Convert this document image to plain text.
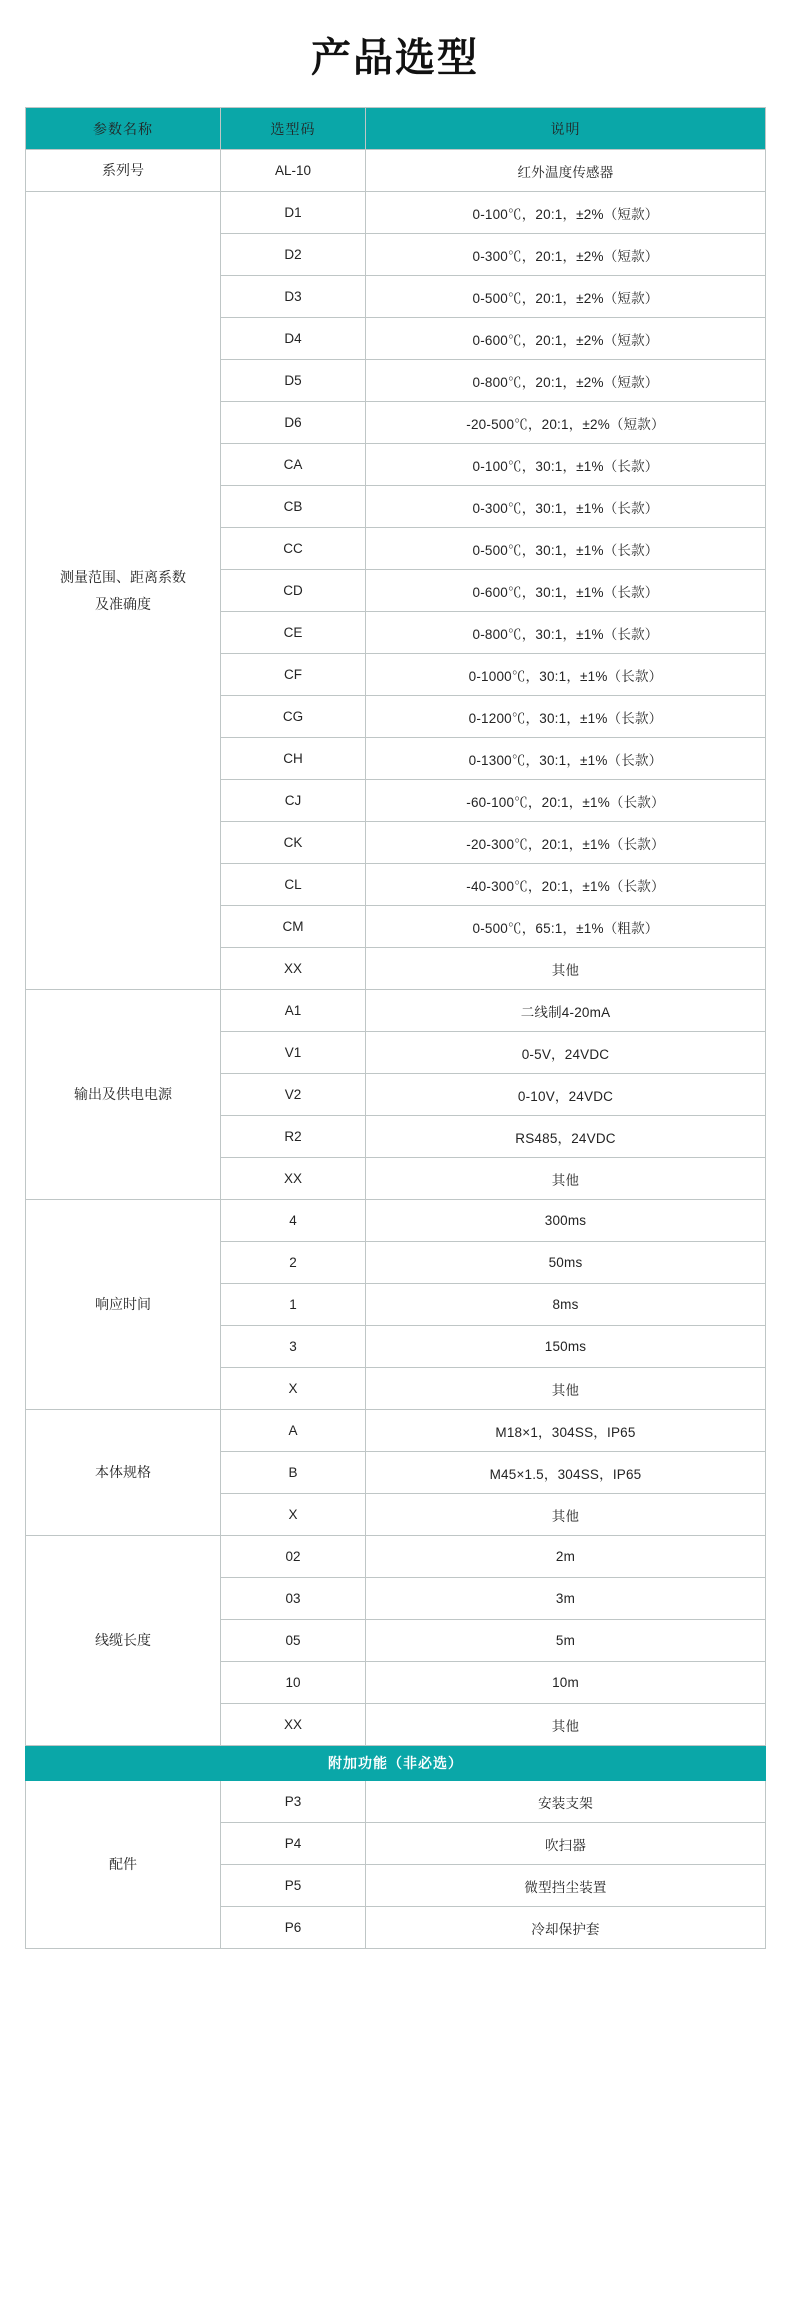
产品选型
参数名称	选型码	说明
系列号	AL-10	红外温度传感器

测量范围、距离系数
及准确度	D1	0-100℃，20:1，±2%（短款）
	D2	0-300℃，20:1，±2%（短款）
	D3	0-500℃，20:1，±2%（短款）
	D4	0-600℃，20:1，±2%（短款）
	D5	0-800℃，20:1，±2%（短款）
	D6	-20-500℃，20:1，±2%（短款）
	CA	0-100℃，30:1，±1%（长款）
	CB	0-300℃，30:1，±1%（长款）
	CC	0-500℃，30:1，±1%（长款）
	CD	0-600℃，30:1，±1%（长款）
	CE	0-800℃，30:1，±1%（长款）
	CF	0-1000℃，30:1，±1%（长款）
	CG	0-1200℃，30:1，±1%（长款）
	CH	0-1300℃，30:1，±1%（长款）
	CJ	-60-100℃，20:1，±1%（长款）
	CK	-20-300℃，20:1，±1%（长款）
	CL	-40-300℃，20:1，±1%（长款）
	CM	0-500℃，65:1，±1%（粗款）
	XX	其他
输出及供电电源	A1	二线制4-20mA
	V1	0-5V，24VDC
	V2	0-10V，24VDC
	R2	RS485，24VDC
	XX	其他
响应时间	4	300ms
	2	50ms
	1	8ms
	3	150ms
	X	其他
本体规格	A	M18×1，304SS，IP65
	B	M45×1.5，304SS，IP65
	X	其他
线缆长度	02	2m
	03	3m
	05	5m
	10	10m
	XX	其他
附加功能（非必选）		
配件	P3	安装支架
	P4	吹扫器
	P5	微型挡尘装置
	P6	冷却保护套
